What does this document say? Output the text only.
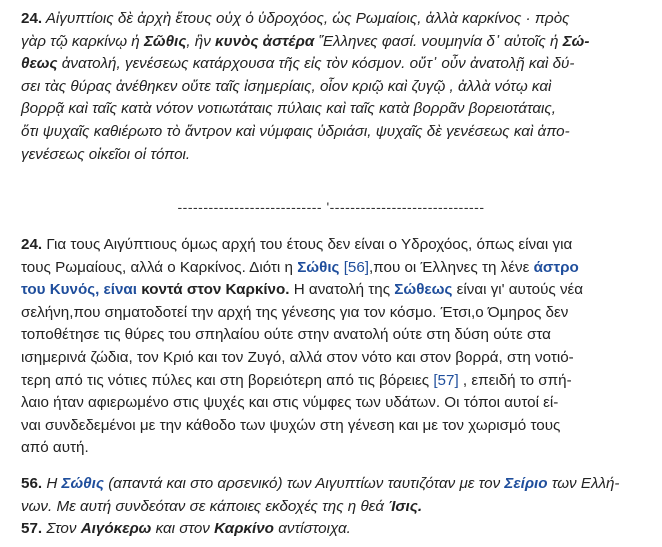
24. Αἰγυπτίοις δὲ ἀρχὴ ἔτους οὐχ ὁ ὑδροχόος, ὡς Ρωμαίοις, ἀλλὰ καρκίνος · πρὸς
γὰρ τῷ καρκίνῳ ἡ Σῶθις, ἣν κυνὸς ἀστέρα Ἕλληνες φασί. νουμηνία δ᾽ αὐτοῖς ἡ Σώ-
θεως ἀνατολή, γενέσεως κατάρχουσα τῆς εἰς τὸν κόσμον. οὔτ᾽ οὖν ἀνατολῇ καὶ δύ-
σει τὰς θύρας ἀνέθηκεν οὔτε ταῖς ἰσημερίαις, οἷον κριῷ καὶ ζυγῷ , ἀλλὰ νότῳ καὶ
βορρᾷ καὶ ταῖς κατὰ νότον νοτιωτάταις πύλαις καὶ ταῖς κατὰ βορρᾶν βορειοτάταις,
ὅτι ψυχαῖς καθιέρωτο τὸ ἄντρον καὶ νύμφαις ὑδριάσι, ψυχαῖς δὲ γενέσεως καὶ ἀπο-
γενέσεως οἰκεῖοι οἱ τόποι.

---------------------------- '------------------------------

24. Για τους Αιγύπτιους όμως αρχή του έτους δεν είναι ο Υδροχόος, όπως είναι για
τους Ρωμαίους, αλλά ο Καρκίνος. Διότι η Σώθις [56],που οι Έλληνες τη λένε άστρο
του Κυνός, είναι κοντά στον Καρκίνο. Η ανατολή της Σώθεως είναι γι' αυτούς νέα
σελήνη,που σηματοδοτεί την αρχή της γένεσης για τον κόσμο. Έτσι,ο Όμηρος δεν
τοποθέτησε τις θύρες του σπηλαίου ούτε στην ανατολή ούτε στη δύση ούτε στα
ισημερινά ζώδια, τον Κριό και τον Ζυγό, αλλά στον νότο και στον βορρά, στη νοτιό-
τερη από τις νότιες πύλες και στη βορειότερη από τις βόρειες [57] , επειδή το σπή-
λαιο ήταν αφιερωμένο στις ψυχές και στις νύμφες των υδάτων. Οι τόποι αυτοί εί-
ναι συνδεδεμένοι με την κάθοδο των ψυχών στη γένεση και με τον χωρισμό τους
από αυτή.

56. Η Σώθις (απαντά και στο αρσενικό) των Αιγυπτίων ταυτιζόταν με τον Σείριο των Ελλή-
νων. Με αυτή συνδεόταν σε κάποιες εκδοχές της η θεά Ίσις.
57. Στον Αιγόκερω και στον Καρκίνο αντίστοιχα.
